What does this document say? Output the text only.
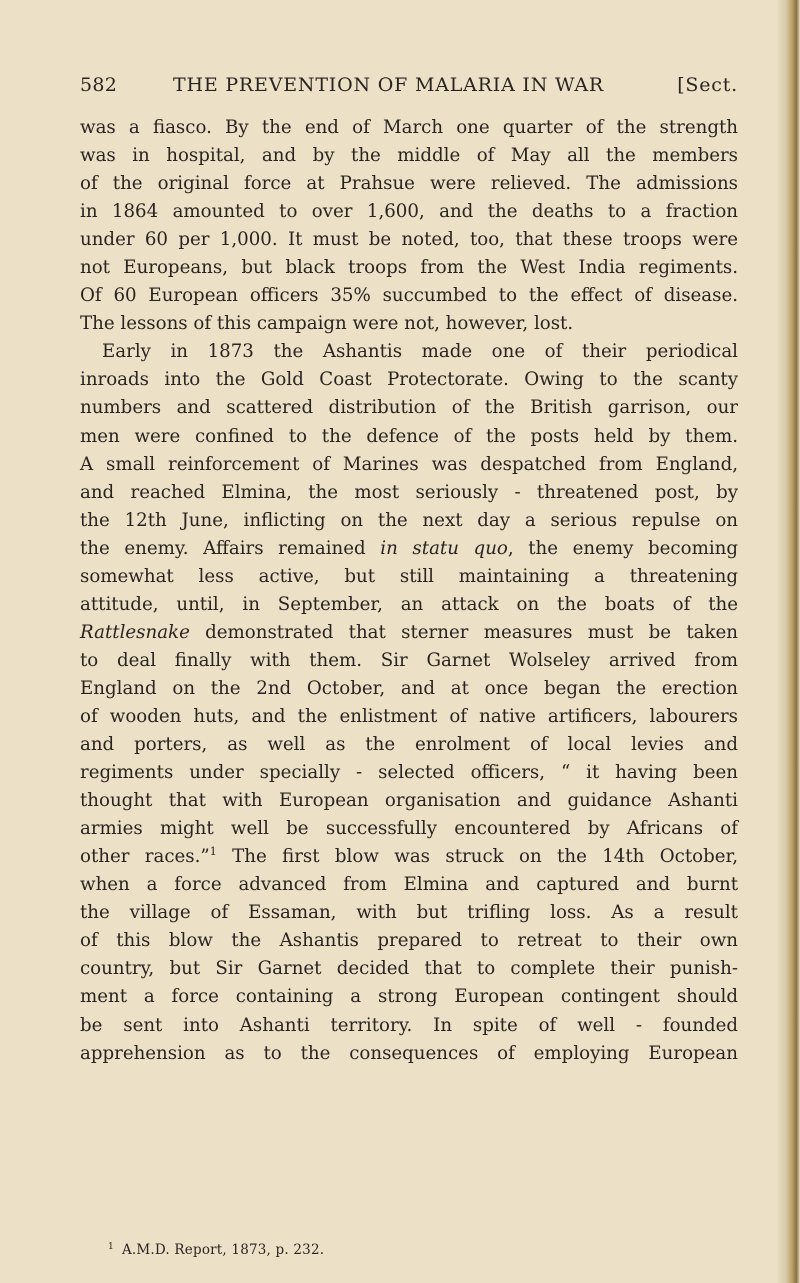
582	THE PREVENTION OF MALARIA IN WAR	[Sect.
was a fiasco. By the end of March one quarter of the strength
was in hospital, and by the middle of May all the members
of the original force at Prahsue were relieved. The admissions
in 1864 amounted to over 1,600, and the deaths to a fraction
under 60 per 1,000. It must be noted, too, that these troops were
not Europeans, but black troops from the West India regiments.
Of 60 European officers 35% succumbed to the effect of disease.
The lessons of this campaign were not, however, lost.
Early in 1873 the Ashantis made one of their periodical
inroads into the Gold Coast Protectorate. Owing to the scanty
numbers and scattered distribution of the British garrison, our
men were confined to the defence of the posts held by them.
A small reinforcement of Marines was despatched from England,
and reached Elmina, the most seriously - threatened post, by
the 12th June, inflicting on the next day a serious repulse on
the enemy. Affairs remained in statu quo, the enemy becoming
somewhat less active, but still maintaining a threatening
attitude, until, in September, an attack on the boats of the
Rattlesnake demonstrated that sterner measures must be taken
to deal finally with them. Sir Garnet Wolseley arrived from
England on the 2nd October, and at once began the erection
of wooden huts, and the enlistment of native artificers, labourers
and porters, as well as the enrolment of local levies and
regiments under specially - selected officers, “ it having been
thought that with European organisation and guidance Ashanti
armies might well be successfully encountered by Africans of
other races.”$^1$ The first blow was struck on the 14th October,
when a force advanced from Elmina and captured and burnt
the village of Essaman, with but trifling loss. As a result
of this blow the Ashantis prepared to retreat to their own
country, but Sir Garnet decided that to complete their punish-
ment a force containing a strong European contingent should
be sent into Ashanti territory. In spite of well - founded
apprehension as to the consequences of employing European
$^1$ A.M.D. Report, 1873, p. 232.
